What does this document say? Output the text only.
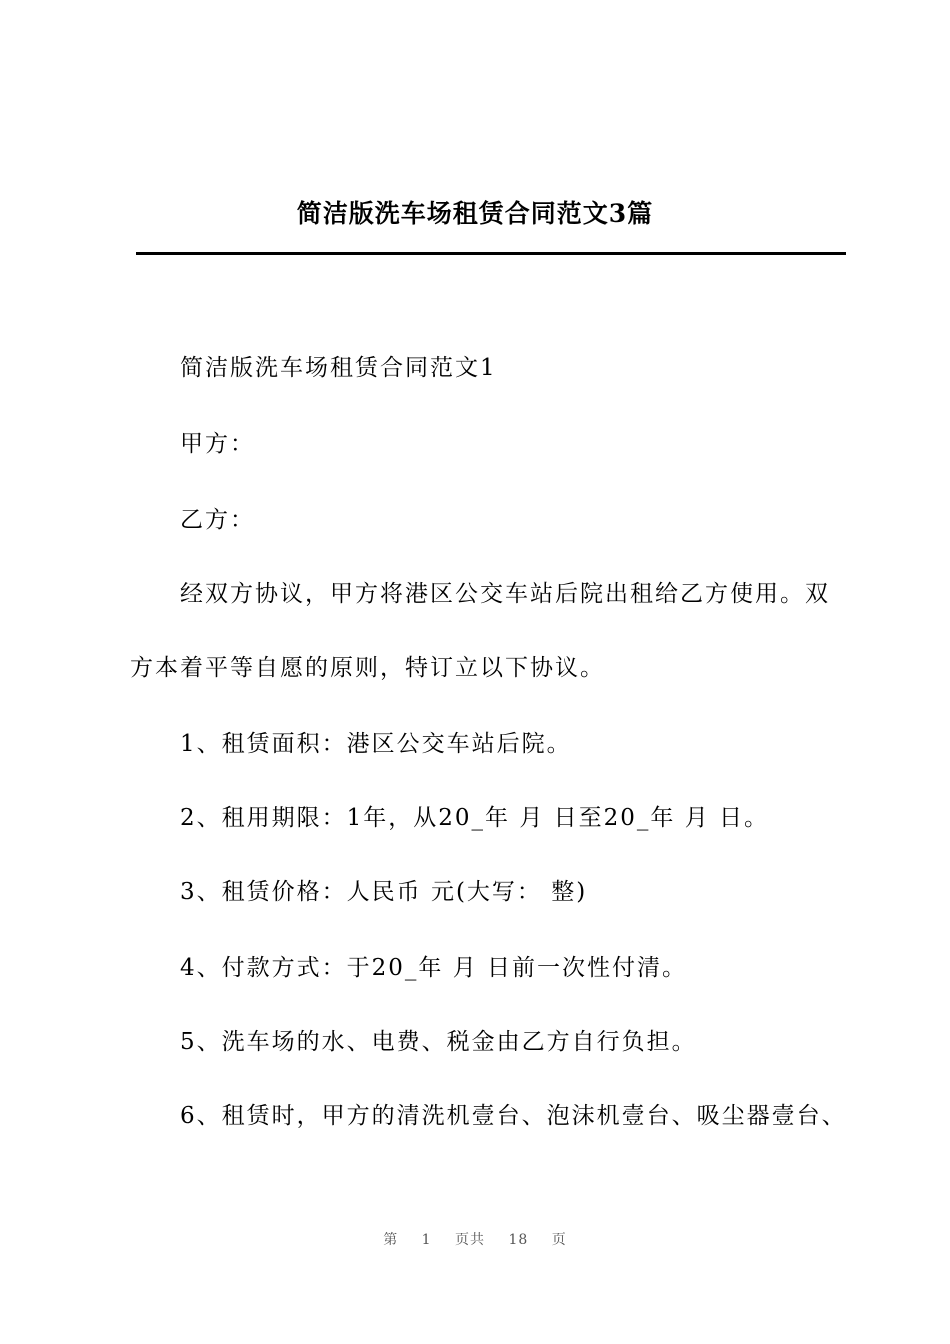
简洁版洗车场租赁合同范文3篇
简洁版洗车场租赁合同范文1
甲方：
乙方：
经双方协议，甲方将港区公交车站后院出租给乙方使用。双
方本着平等自愿的原则，特订立以下协议。
1、租赁面积：港区公交车站后院。
2、租用期限：1年，从20_年 月 日至20_年 月 日。
3、租赁价格：人民币 元(大写： 整)
4、付款方式：于20_年 月 日前一次性付清。
5、洗车场的水、电费、税金由乙方自行负担。
6、租赁时，甲方的清洗机壹台、泡沫机壹台、吸尘器壹台、
第 1 页共 18 页
